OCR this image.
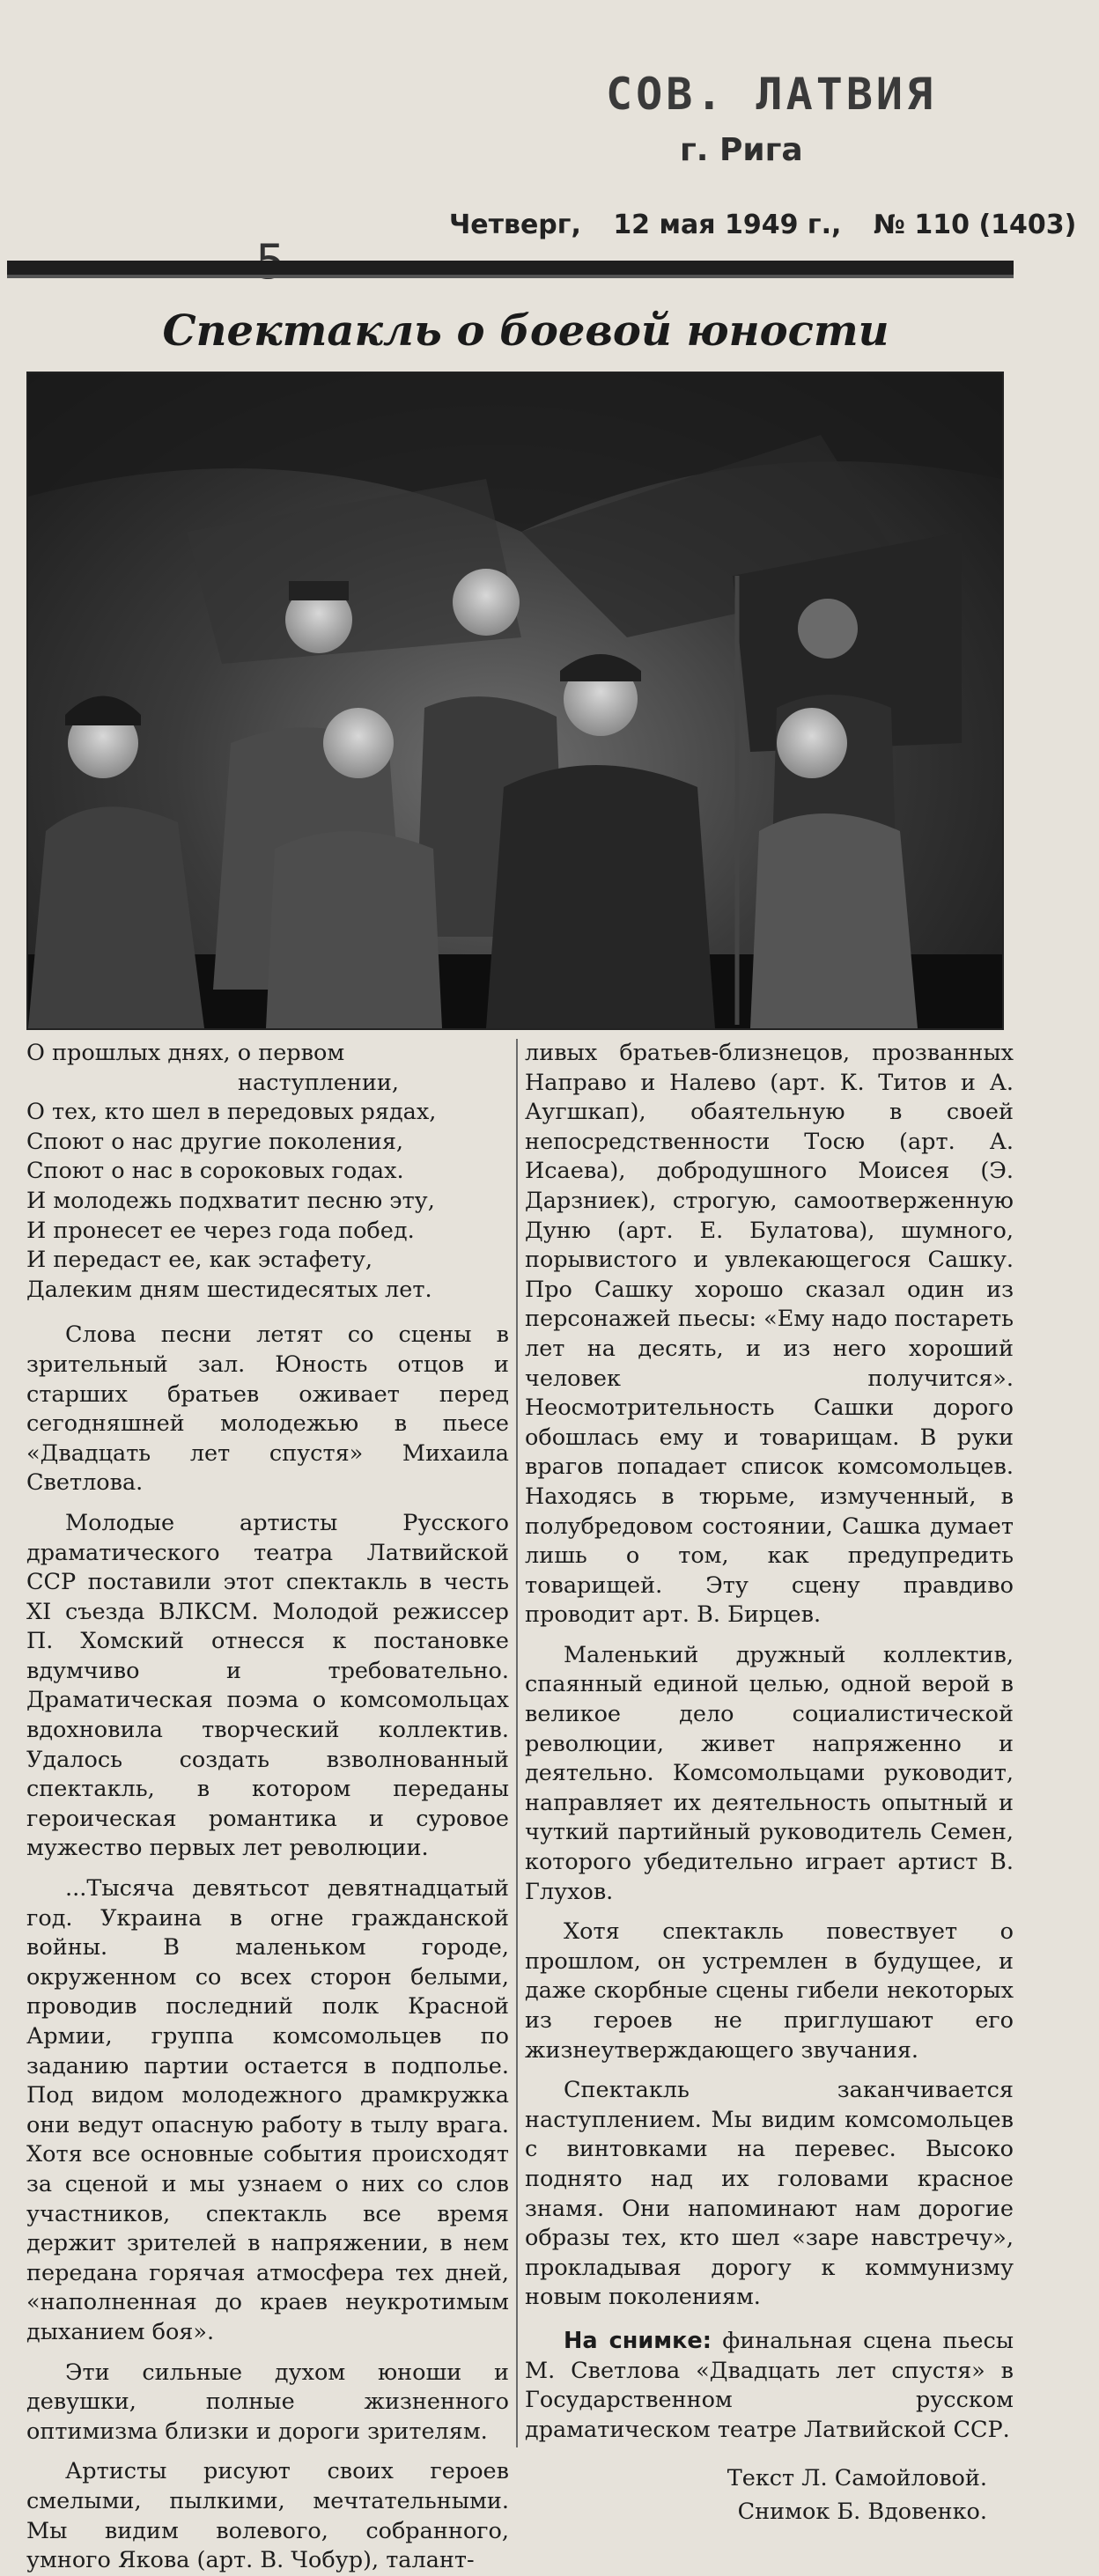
СОВ. ЛАТВИЯ
г. Рига
Четверг, 12 мая 1949 г., № 110 (1403)
Спектакль о боевой юности
О прошлых днях, о первом
наступлении,
О тех, кто шел в передовых рядах,
Споют о нас другие поколения,
Споют о нас в сороковых годах.
И молодежь подхватит песню эту,
И пронесет ее через года побед.
И передаст ее, как эстафету,
Далеким дням шестидесятых лет.

Слова песни летят со сцены в зрительный зал. Юность отцов и старших братьев оживает перед сегодняшней молодежью в пьесе «Двадцать лет спустя» Михаила Светлова.

Молодые артисты Русского драматического театра Латвийской ССР поставили этот спектакль в честь XI съезда ВЛКСМ. Молодой режиссер П. Хомский отнесся к постановке вдумчиво и требовательно. Драматическая поэма о комсомольцах вдохновила творческий коллектив. Удалось создать взволнованный спектакль, в котором переданы героическая романтика и суровое мужество первых лет революции.

...Тысяча девятьсот девятнадцатый год. Украина в огне гражданской войны. В маленьком городе, окруженном со всех сторон белыми, проводив последний полк Красной Армии, группа комсомольцев по заданию партии остается в подполье. Под видом молодежного драмкружка они ведут опасную работу в тылу врага. Хотя все основные события происходят за сценой и мы узнаем о них со слов участников, спектакль все время держит зрителей в напряжении, в нем передана горячая атмосфера тех дней, «наполненная до краев неукротимым дыханием боя».

Эти сильные духом юноши и девушки, полные жизненного оптимизма близки и дороги зрителям.

Артисты рисуют своих героев смелыми, пылкими, мечтательными. Мы видим волевого, собранного, умного Якова (арт. В. Чобур), талант-

ливых братьев-близнецов, прозванных Направо и Налево (арт. К. Титов и А. Аугшкап), обаятельную в своей непосредственности Тосю (арт. А. Исаева), добродушного Моисея (Э. Дарзниек), строгую, самоотверженную Дуню (арт. Е. Булатова), шумного, порывистого и увлекающегося Сашку. Про Сашку хорошо сказал один из персонажей пьесы: «Ему надо постареть лет на десять, и из него хороший человек получится». Неосмотрительность Сашки дорого обошлась ему и товарищам. В руки врагов попадает список комсомольцев. Находясь в тюрьме, измученный, в полубредовом состоянии, Сашка думает лишь о том, как предупредить товарищей. Эту сцену правдиво проводит арт. В. Бирцев.

Маленький дружный коллектив, спаянный единой целью, одной верой в великое дело социалистической революции, живет напряженно и деятельно. Комсомольцами руководит, направляет их деятельность опытный и чуткий партийный руководитель Семен, которого убедительно играет артист В. Глухов.

Хотя спектакль повествует о прошлом, он устремлен в будущее, и даже скорбные сцены гибели некоторых из героев не приглушают его жизнеутверждающего звучания.

Спектакль заканчивается наступлением. Мы видим комсомольцев с винтовками на перевес. Высоко поднято над их головами красное знамя. Они напоминают нам дорогие образы тех, кто шел «заре навстречу», прокладывая дорогу к коммунизму новым поколениям.

На снимке: финальная сцена пьесы М. Светлова «Двадцать лет спустя» в Государственном русском драматическом театре Латвийской ССР.

Текст Л. Самойловой.
Снимок Б. Вдовенко.
